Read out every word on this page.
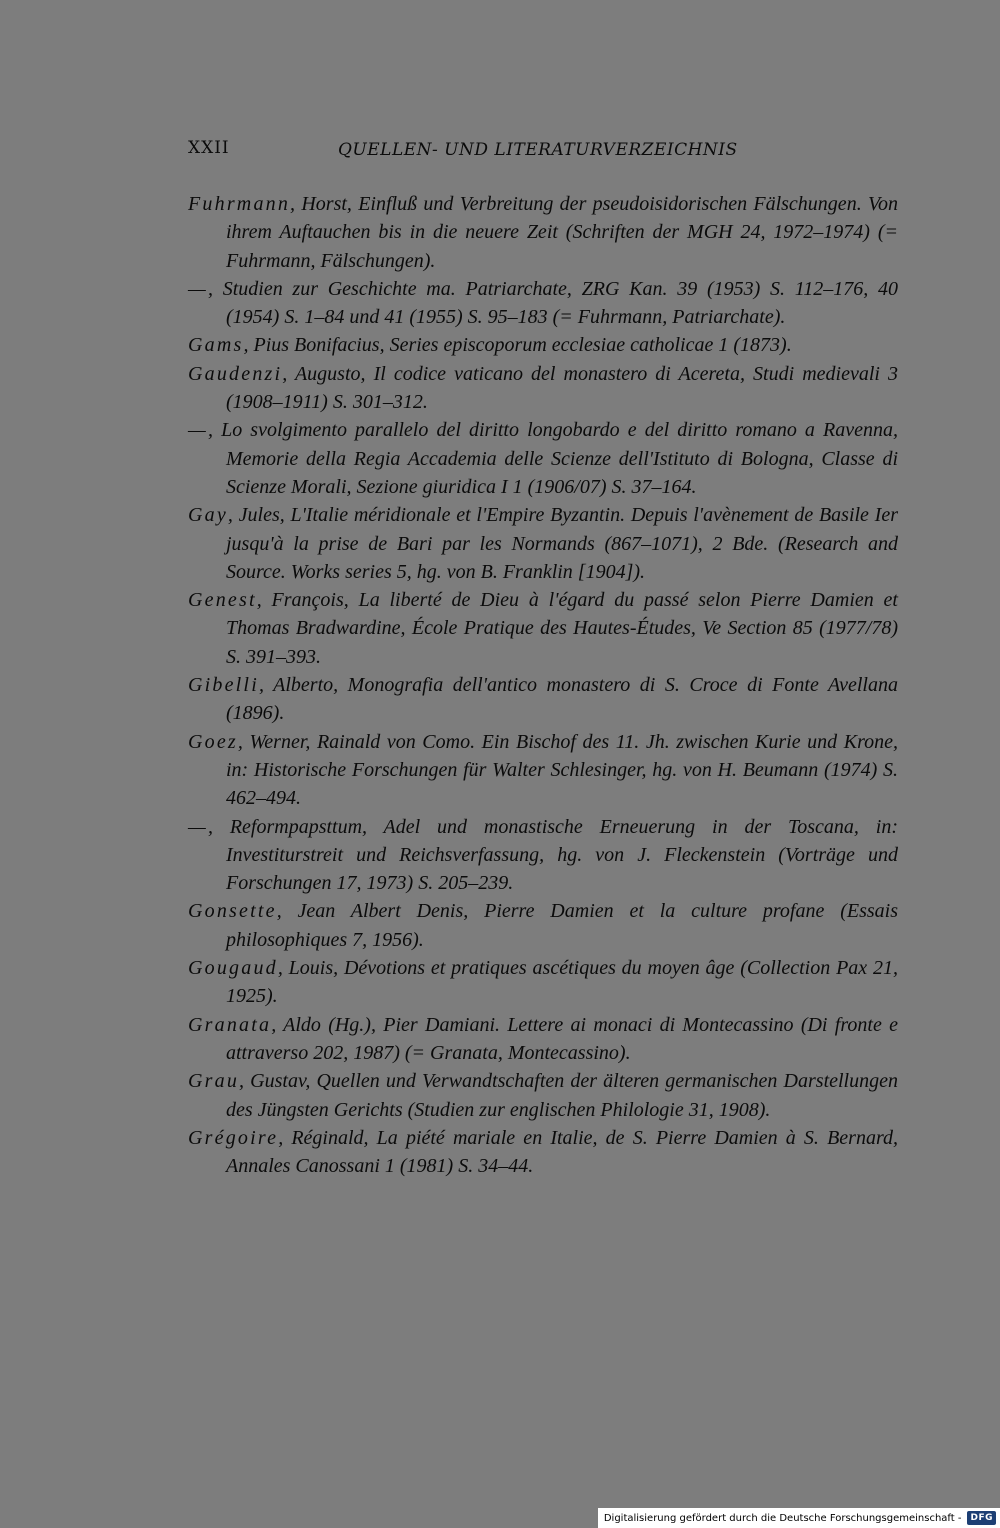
XXII	QUELLEN- UND LITERATURVERZEICHNIS

Fuhrmann, Horst, Einfluß und Verbreitung der pseudoisidorischen Fälschungen. Von ihrem Auftauchen bis in die neuere Zeit (Schriften der MGH 24, 1972–1974) (= Fuhrmann, Fälschungen).

—, Studien zur Geschichte ma. Patriarchate, ZRG Kan. 39 (1953) S. 112–176, 40 (1954) S. 1–84 und 41 (1955) S. 95–183 (= Fuhrmann, Patriarchate).

Gams, Pius Bonifacius, Series episcoporum ecclesiae catholicae 1 (1873).

Gaudenzi, Augusto, Il codice vaticano del monastero di Acereta, Studi medievali 3 (1908–1911) S. 301–312.

—, Lo svolgimento parallelo del diritto longobardo e del diritto romano a Ravenna, Memorie della Regia Accademia delle Scienze dell'Istituto di Bologna, Classe di Scienze Morali, Sezione giuridica I 1 (1906/07) S. 37–164.

Gay, Jules, L'Italie méridionale et l'Empire Byzantin. Depuis l'avènement de Basile Ier jusqu'à la prise de Bari par les Normands (867–1071), 2 Bde. (Research and Source. Works series 5, hg. von B. Franklin [1904]).

Genest, François, La liberté de Dieu à l'égard du passé selon Pierre Damien et Thomas Bradwardine, École Pratique des Hautes-Études, Ve Section 85 (1977/78) S. 391–393.

Gibelli, Alberto, Monografia dell'antico monastero di S. Croce di Fonte Avellana (1896).

Goez, Werner, Rainald von Como. Ein Bischof des 11. Jh. zwischen Kurie und Krone, in: Historische Forschungen für Walter Schlesinger, hg. von H. Beumann (1974) S. 462–494.

—, Reformpapsttum, Adel und monastische Erneuerung in der Toscana, in: Investiturstreit und Reichsverfassung, hg. von J. Fleckenstein (Vorträge und Forschungen 17, 1973) S. 205–239.

Gonsette, Jean Albert Denis, Pierre Damien et la culture profane (Essais philosophiques 7, 1956).

Gougaud, Louis, Dévotions et pratiques ascétiques du moyen âge (Collection Pax 21, 1925).

Granata, Aldo (Hg.), Pier Damiani. Lettere ai monaci di Montecassino (Di fronte e attraverso 202, 1987) (= Granata, Montecassino).

Grau, Gustav, Quellen und Verwandtschaften der älteren germanischen Darstellungen des Jüngsten Gerichts (Studien zur englischen Philologie 31, 1908).

Grégoire, Réginald, La piété mariale en Italie, de S. Pierre Damien à S. Bernard, Annales Canossani 1 (1981) S. 34–44.

Digitalisierung gefördert durch die Deutsche Forschungsgemeinschaft -	DFG
